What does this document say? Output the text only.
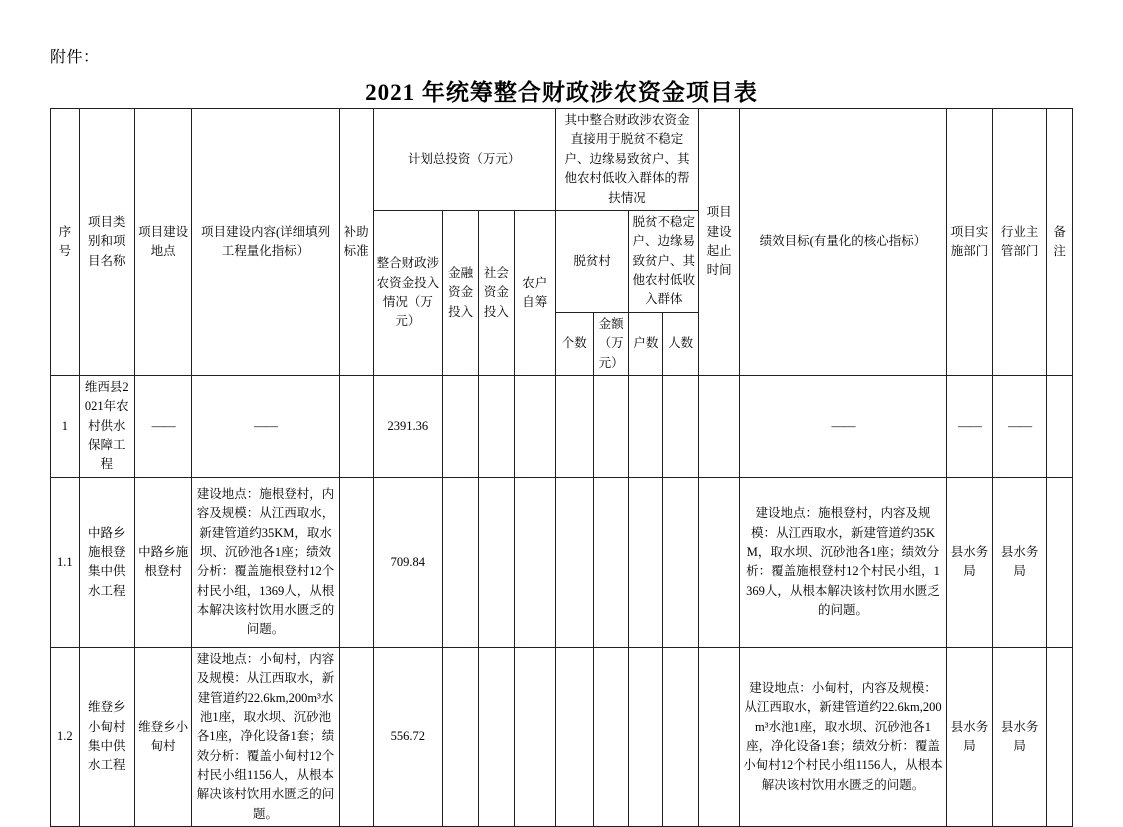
附件：
2021 年统筹整合财政涉农资金项目表
序号	项目类别和项目名称	项目建设地点	项目建设内容(详细填列工程量化指标）	补助标准	计划总投资（万元）				其中整合财政涉农资金直接用于脱贫不稳定户、边缘易致贫户、其他农村低收入群体的帮扶情况				项目建设起止时间	绩效目标(有量化的核心指标）	项目实施部门	行业主管部门	备注
					整合财政涉农资金投入情况（万元）	金融资金投入	社会资金投入	农户自筹	脱贫村		脱贫不稳定户、边缘易致贫户、其他农村低收入群体						
									个数	金额（万元）	户数	人数					

1	维西县2021年农村供水保障工程	——	——		2391.36									——	——	——	
1.1	中路乡施根登集中供水工程	中路乡施根登村	建设地点：施根登村，内容及规模：从江西取水，新建管道约35KM，取水坝、沉砂池各1座；绩效分析：覆盖施根登村12个村民小组，1369人，从根本解决该村饮用水匮乏的问题。		709.84									建设地点：施根登村，内容及规模：从江西取水，新建管道约35KM，取水坝、沉砂池各1座；绩效分析：覆盖施根登村12个村民小组，1369人，从根本解决该村饮用水匮乏的问题。	县水务局	县水务局	
1.2	维登乡小甸村集中供水工程	维登乡小甸村	建设地点：小甸村，内容及规模：从江西取水，新建管道约22.6km,200m³水池1座，取水坝、沉砂池各1座，净化设备1套；绩效分析：覆盖小甸村12个村民小组1156人，从根本解决该村饮用水匮乏的问题。		556.72									建设地点：小甸村，内容及规模：从江西取水，新建管道约22.6km,200m³水池1座，取水坝、沉砂池各1座，净化设备1套；绩效分析：覆盖小甸村12个村民小组1156人，从根本解决该村饮用水匮乏的问题。	县水务局	县水务局	
